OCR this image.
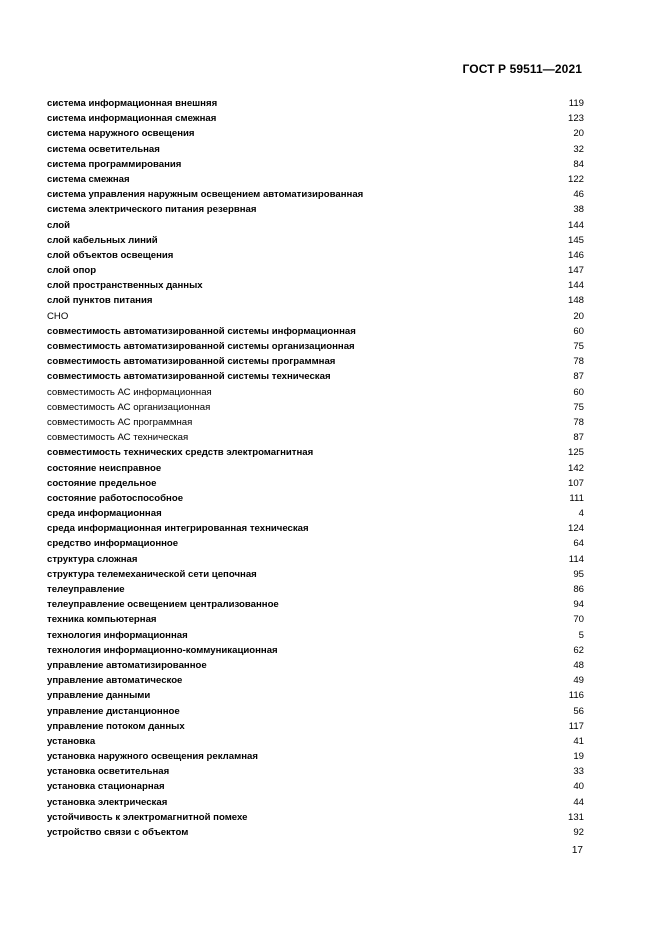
ГОСТ Р 59511—2021
система информационная внешняя	119
система информационная смежная	123
система наружного освещения	20
система осветительная	32
система программирования	84
система смежная	122
система управления наружным освещением автоматизированная	46
система электрического питания резервная	38
слой	144
слой кабельных линий	145
слой объектов освещения	146
слой опор	147
слой пространственных данных	144
слой пунктов питания	148
СНО	20
совместимость автоматизированной системы информационная	60
совместимость автоматизированной системы организационная	75
совместимость автоматизированной системы программная	78
совместимость автоматизированной системы техническая	87
совместимость АС информационная	60
совместимость АС организационная	75
совместимость АС программная	78
совместимость АС техническая	87
совместимость технических средств электромагнитная	125
состояние неисправное	142
состояние предельное	107
состояние работоспособное	111
среда информационная	4
среда информационная интегрированная техническая	124
средство информационное	64
структура сложная	114
структура телемеханической сети цепочная	95
телеуправление	86
телеуправление освещением централизованное	94
техника компьютерная	70
технология информационная	5
технология информационно-коммуникационная	62
управление автоматизированное	48
управление автоматическое	49
управление данными	116
управление дистанционное	56
управление потоком данных	117
установка	41
установка наружного освещения рекламная	19
установка осветительная	33
установка стационарная	40
установка электрическая	44
устойчивость к электромагнитной помехе	131
устройство связи с объектом	92
17
